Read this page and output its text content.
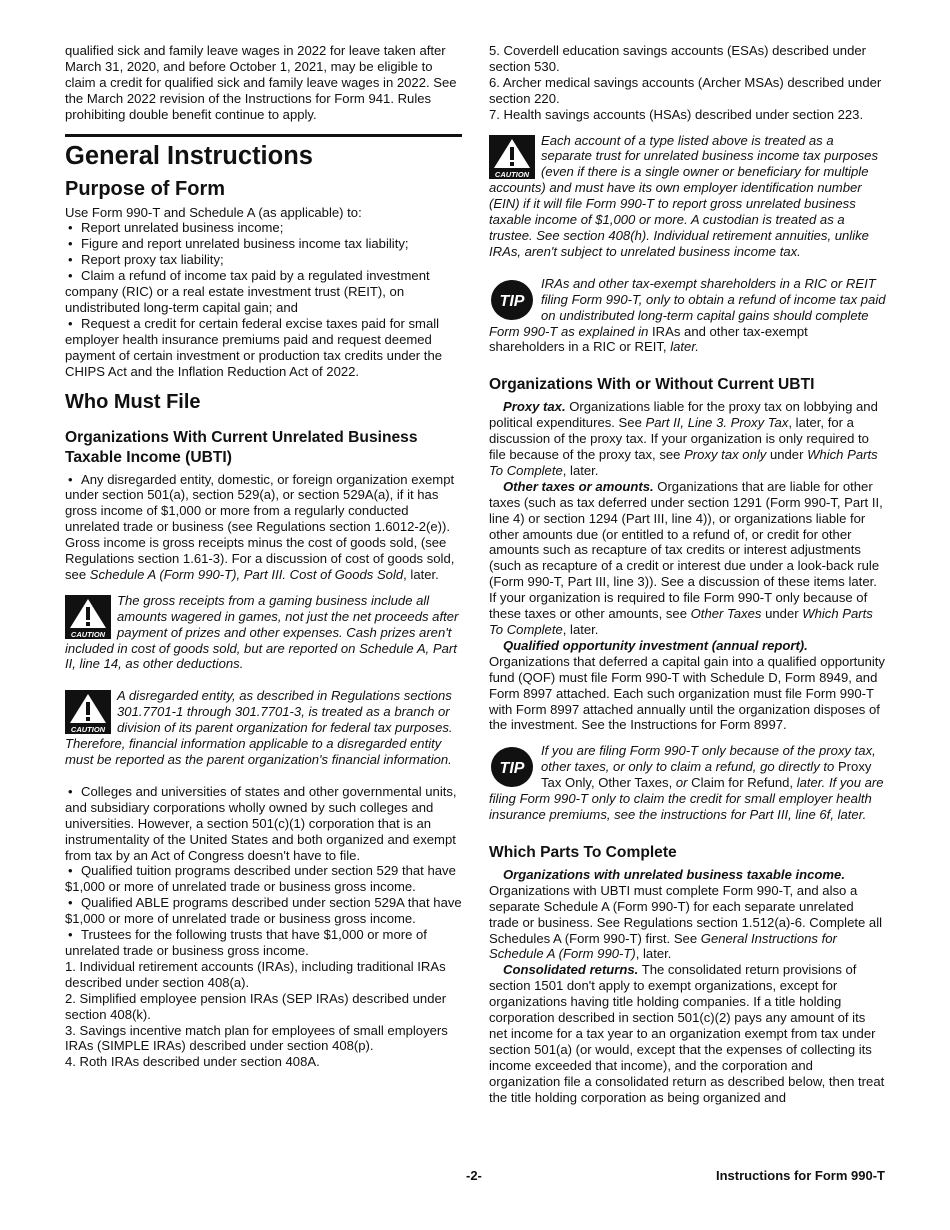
qualified sick and family leave wages in 2022 for leave taken after March 31, 2020, and before October 1, 2021, may be eligible to claim a credit for qualified sick and family leave wages in 2022. See the March 2022 revision of the Instructions for Form 941. Rules prohibiting double benefit continue to apply.

General Instructions
Purpose of Form

Use Form 990-T and Schedule A (as applicable) to:

• Report unrelated business income;

• Figure and report unrelated business income tax liability;

• Report proxy tax liability;

• Claim a refund of income tax paid by a regulated investment company (RIC) or a real estate investment trust (REIT), on undistributed long-term capital gain; and

• Request a credit for certain federal excise taxes paid for small employer health insurance premiums paid and request deemed payment of certain investment or production tax credits under the CHIPS Act and the Inflation Reduction Act of 2022.

Who Must File
Organizations With Current Unrelated Business Taxable Income (UBTI)

• Any disregarded entity, domestic, or foreign organization exempt under section 501(a), section 529(a), or section 529A(a), if it has gross income of $1,000 or more from a regularly conducted unrelated trade or business (see Regulations section 1.6012-2(e)). Gross income is gross receipts minus the cost of goods sold, (see Regulations section 1.61-3). For a discussion of cost of goods sold, see Schedule A (Form 990-T), Part III. Cost of Goods Sold, later.

CAUTION
The gross receipts from a gaming business include all amounts wagered in games, not just the net proceeds after payment of prizes and other expenses. Cash prizes aren't included in cost of goods sold, but are reported on Schedule A, Part II, line 14, as other deductions.
CAUTION
A disregarded entity, as described in Regulations sections 301.7701-1 through 301.7701-3, is treated as a branch or division of its parent organization for federal tax purposes. Therefore, financial information applicable to a disregarded entity must be reported as the parent organization's financial information.

• Colleges and universities of states and other governmental units, and subsidiary corporations wholly owned by such colleges and universities. However, a section 501(c)(1) corporation that is an instrumentality of the United States and both organized and exempt from tax by an Act of Congress doesn't have to file.

• Qualified tuition programs described under section 529 that have $1,000 or more of unrelated trade or business gross income.

• Qualified ABLE programs described under section 529A that have $1,000 or more of unrelated trade or business gross income.

• Trustees for the following trusts that have $1,000 or more of unrelated trade or business gross income.

1. Individual retirement accounts (IRAs), including traditional IRAs described under section 408(a).

2. Simplified employee pension IRAs (SEP IRAs) described under section 408(k).

3. Savings incentive match plan for employees of small employers IRAs (SIMPLE IRAs) described under section 408(p).

4. Roth IRAs described under section 408A.

5. Coverdell education savings accounts (ESAs) described under section 530.

6. Archer medical savings accounts (Archer MSAs) described under section 220.

7. Health savings accounts (HSAs) described under section 223.

CAUTION
Each account of a type listed above is treated as a separate trust for unrelated business income tax purposes (even if there is a single owner or beneficiary for multiple accounts) and must have its own employer identification number (EIN) if it will file Form 990-T to report gross unrelated business taxable income of $1,000 or more. A custodian is treated as a trustee. See section 408(h). Individual retirement annuities, unlike IRAs, aren't subject to unrelated business income tax.
TIP
IRAs and other tax-exempt shareholders in a RIC or REIT filing Form 990-T, only to obtain a refund of income tax paid on undistributed long-term capital gains should complete Form 990-T as explained in IRAs and other tax-exempt shareholders in a RIC or REIT, later.
Organizations With or Without Current UBTI

Proxy tax. Organizations liable for the proxy tax on lobbying and political expenditures. See Part II, Line 3. Proxy Tax, later, for a discussion of the proxy tax. If your organization is only required to file because of the proxy tax, see Proxy tax only under Which Parts To Complete, later.

Other taxes or amounts. Organizations that are liable for other taxes (such as tax deferred under section 1291 (Form 990-T, Part II, line 4) or section 1294 (Part III, line 4)), or organizations liable for other amounts due (or entitled to a refund of, or credit for other amounts such as recapture of tax credits or interest adjustments (such as recapture of a credit or interest due under a look-back rule (Form 990-T, Part III, line 3)). See a discussion of these items later. If your organization is required to file Form 990-T only because of these taxes or other amounts, see Other Taxes under Which Parts To Complete, later.

Qualified opportunity investment (annual report). Organizations that deferred a capital gain into a qualified opportunity fund (QOF) must file Form 990-T with Schedule D, Form 8949, and Form 8997 attached. Each such organization must file Form 990-T with Form 8997 attached annually until the organization disposes of the investment. See the Instructions for Form 8997.

TIP
If you are filing Form 990-T only because of the proxy tax, other taxes, or only to claim a refund, go directly to Proxy Tax Only, Other Taxes, or Claim for Refund, later. If you are filing Form 990-T only to claim the credit for small employer health insurance premiums, see the instructions for Part III, line 6f, later.
Which Parts To Complete

Organizations with unrelated business taxable income. Organizations with UBTI must complete Form 990-T, and also a separate Schedule A (Form 990-T) for each separate unrelated trade or business. See Regulations section 1.512(a)-6. Complete all Schedules A (Form 990-T) first. See General Instructions for Schedule A (Form 990-T), later.

Consolidated returns. The consolidated return provisions of section 1501 don't apply to exempt organizations, except for organizations having title holding companies. If a title holding corporation described in section 501(c)(2) pays any amount of its net income for a tax year to an organization exempt from tax under section 501(a) (or would, except that the expenses of collecting its income exceeded that income), and the corporation and organization file a consolidated return as described below, then treat the title holding corporation as being organized and

-2-	Instructions for Form 990-T
